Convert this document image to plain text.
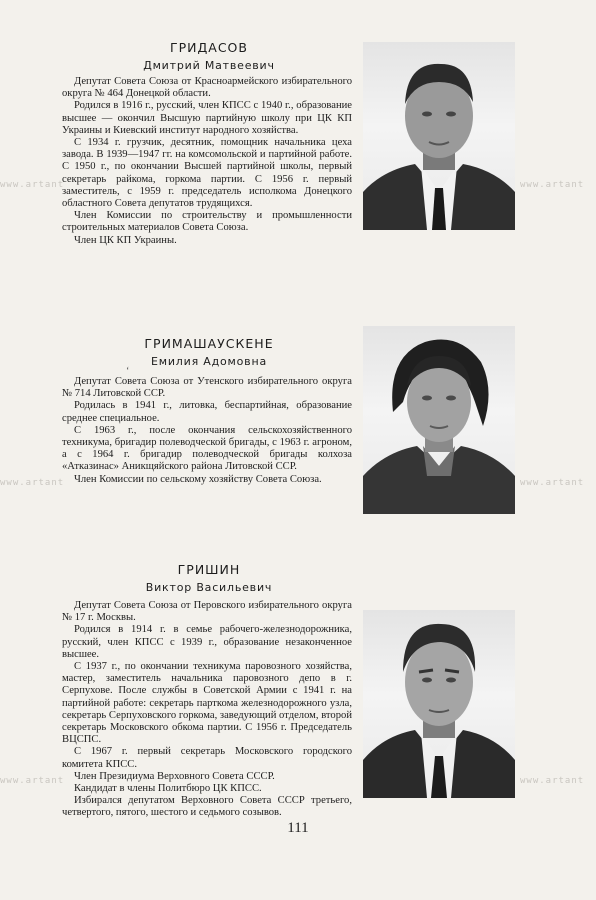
www.artant	www.artant
www.artant	www.artant
www.artant	www.artant
ГРИДАСОВ
Дмитрий Матвеевич

Депутат Совета Союза от Красноармейского избирательного округа № 464 Донецкой области.

Родился в 1916 г., русский, член КПСС с 1940 г., образование высшее — окончил Высшую партийную школу при ЦК КП Украины и Киевский институт народного хозяйства.

С 1934 г. грузчик, десятник, помощник начальника цеха завода. В 1939—1947 гг. на комсомольской и партийной работе. С 1950 г., по окончании Высшей партийной школы, первый секретарь райкома, горкома партии. С 1956 г. первый заместитель, с 1959 г. председатель исполкома Донецкого областного Совета депутатов трудящихся.

Член Комиссии по строительству и промышленности строительных материалов Совета Союза.

Член ЦК КП Украины.

ГРИМАШАУСКЕНЕ
Емилия Адомовна
ʻ

Депутат Совета Союза от Утенского избирательного округа № 714 Литовской ССР.

Родилась в 1941 г., литовка, беспартийная, образование среднее специальное.

С 1963 г., после окончания сельскохозяйственного техникума, бригадир полеводческой бригады, с 1963 г. агроном, а с 1964 г. бригадир полеводческой бригады колхоза «Атказинас» Аникщяйского района Литовской ССР.

Член Комиссии по сельскому хозяйству Совета Союза.

ГРИШИН
Виктор Васильевич

Депутат Совета Союза от Перовского избирательного округа № 17 г. Москвы.

Родился в 1914 г. в семье рабочего-железнодорожника, русский, член КПСС с 1939 г., образование незаконченное высшее.

С 1937 г., по окончании техникума паровозного хозяйства, мастер, заместитель начальника паровозного депо в г. Серпухове. После службы в Советской Армии с 1941 г. на партийной работе: секретарь парткома железнодорожного узла, секретарь Серпуховского горкома, заведующий отделом, второй секретарь Московского обкома партии. С 1956 г. Председатель ВЦСПС.

С 1967 г. первый секретарь Московского городского комитета КПСС.

Член Президиума Верховного Совета СССР.

Кандидат в члены Политбюро ЦК КПСС.

Избирался депутатом Верховного Совета СССР третьего, четвертого, пятого, шестого и седьмого созывов.

111
